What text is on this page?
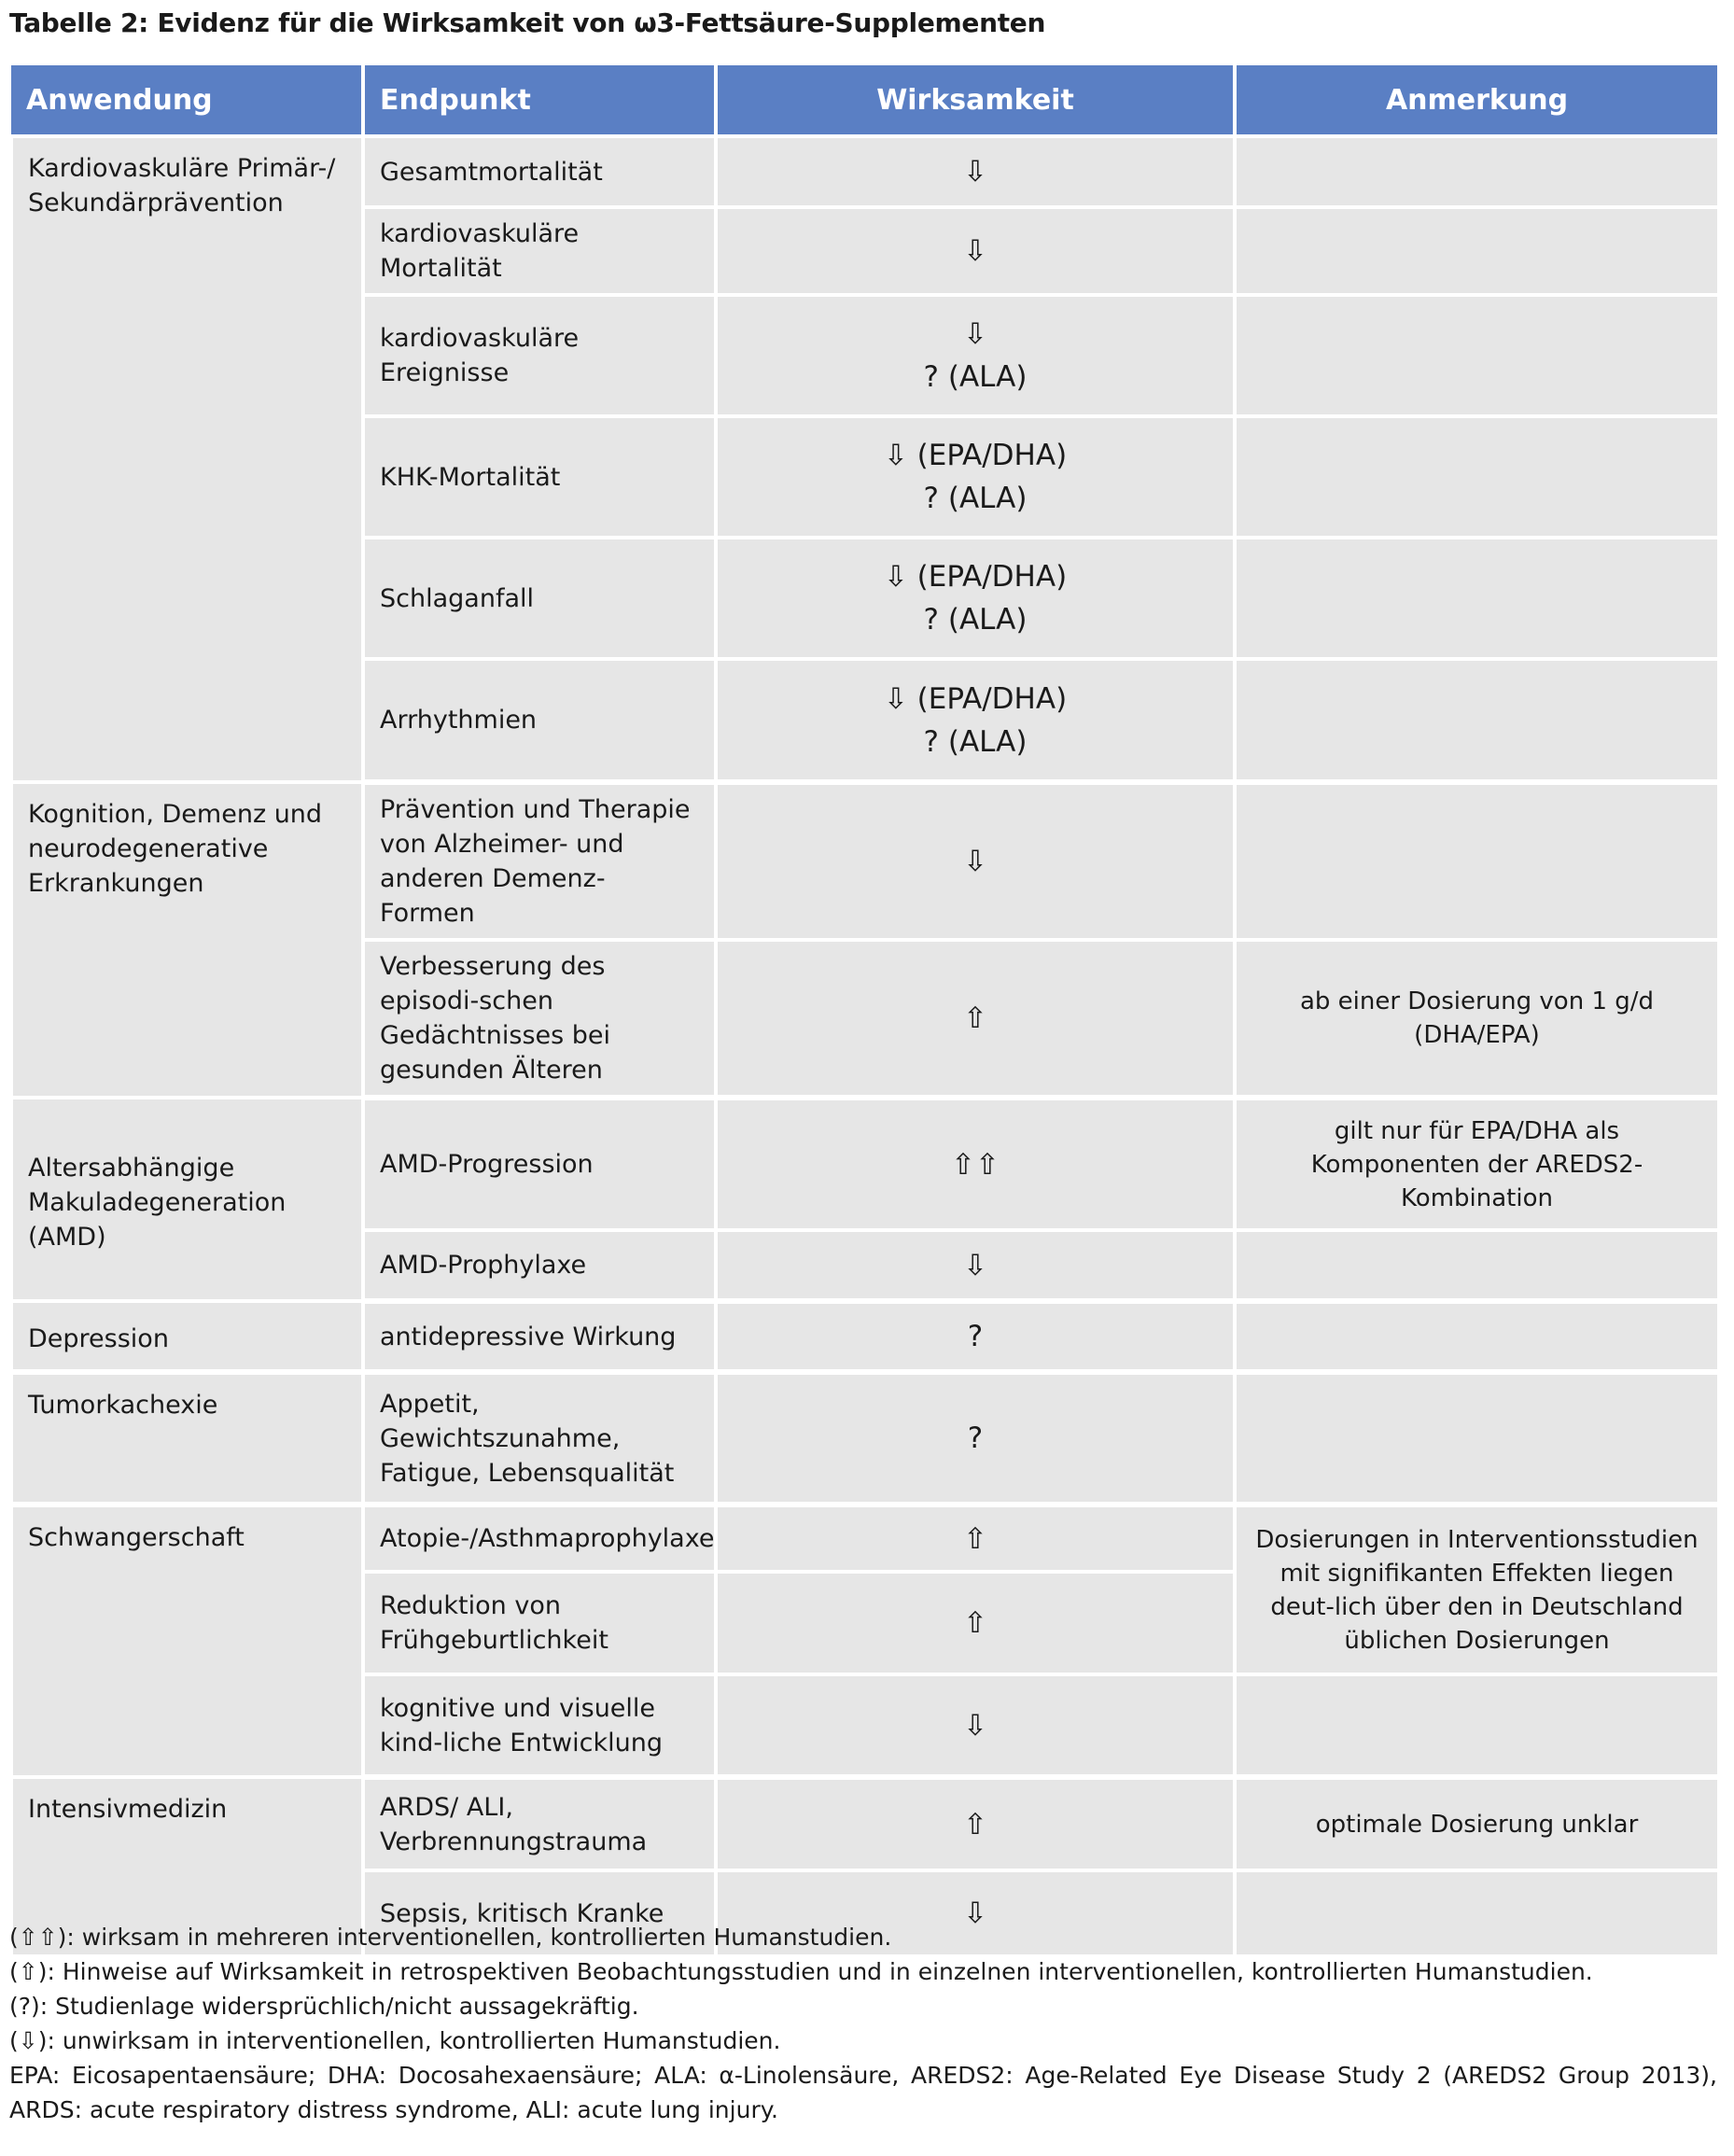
Tabelle 2: Evidenz für die Wirksamkeit von ω3-Fettsäure-Supplementen
Anwendung	Endpunkt	Wirksamkeit	Anmerkung
Kardiovaskuläre Primär-/ Sekundärprävention	Gesamtmortalität	⇩	

	kardiovaskuläre Mortalität	⇩	

	kardiovaskuläre Ereignisse	⇩
? (ALA)	

	KHK-Mortalität	⇩ (EPA/DHA)
? (ALA)	

	Schlaganfall	⇩ (EPA/DHA)
? (ALA)	

	Arrhythmien	⇩ (EPA/DHA)
? (ALA)	

Kognition, Demenz und neurodegenerative Erkrankungen	Prävention und Therapie von Alzheimer- und anderen Demenz-Formen	⇩	

	Verbesserung des episodi-schen Gedächtnisses bei gesunden Älteren	⇧	ab einer Dosierung von 1 g/d (DHA/EPA)
Altersabhängige Makuladegeneration (AMD)	AMD-Progression	⇧⇧	gilt nur für EPA/DHA als Komponenten der AREDS2-Kombination
	AMD-Prophylaxe	⇩	

Depression	antidepressive Wirkung	?	

Tumorkachexie	Appetit, Gewichtszunahme, Fatigue, Lebensqualität	?	

Schwangerschaft	Atopie-/Asthmaprophylaxe	⇧	Dosierungen in Interventionsstudien mit signifikanten Effekten liegen deut-lich über den in Deutschland üblichen Dosierungen
	Reduktion von Frühgeburtlichkeit	⇧	

	kognitive und visuelle kind-liche Entwicklung	⇩	

Intensivmedizin	ARDS/ ALI, Verbrennungstrauma	⇧	optimale Dosierung unklar
	Sepsis, kritisch Kranke	⇩	

(⇧⇧): wirksam in mehreren interventionellen, kontrollierten Humanstudien.
(⇧): Hinweise auf Wirksamkeit in retrospektiven Beobachtungsstudien und in einzelnen interventionellen, kontrollierten Humanstudien.
(?): Studienlage widersprüchlich/nicht aussagekräftig.
(⇩): unwirksam in interventionellen, kontrollierten Humanstudien.
EPA: Eicosapentaensäure; DHA: Docosahexaensäure; ALA: α-Linolensäure, AREDS2: Age-Related Eye Disease Study 2 (AREDS2 Group 2013),
ARDS: acute respiratory distress syndrome, ALI: acute lung injury.
